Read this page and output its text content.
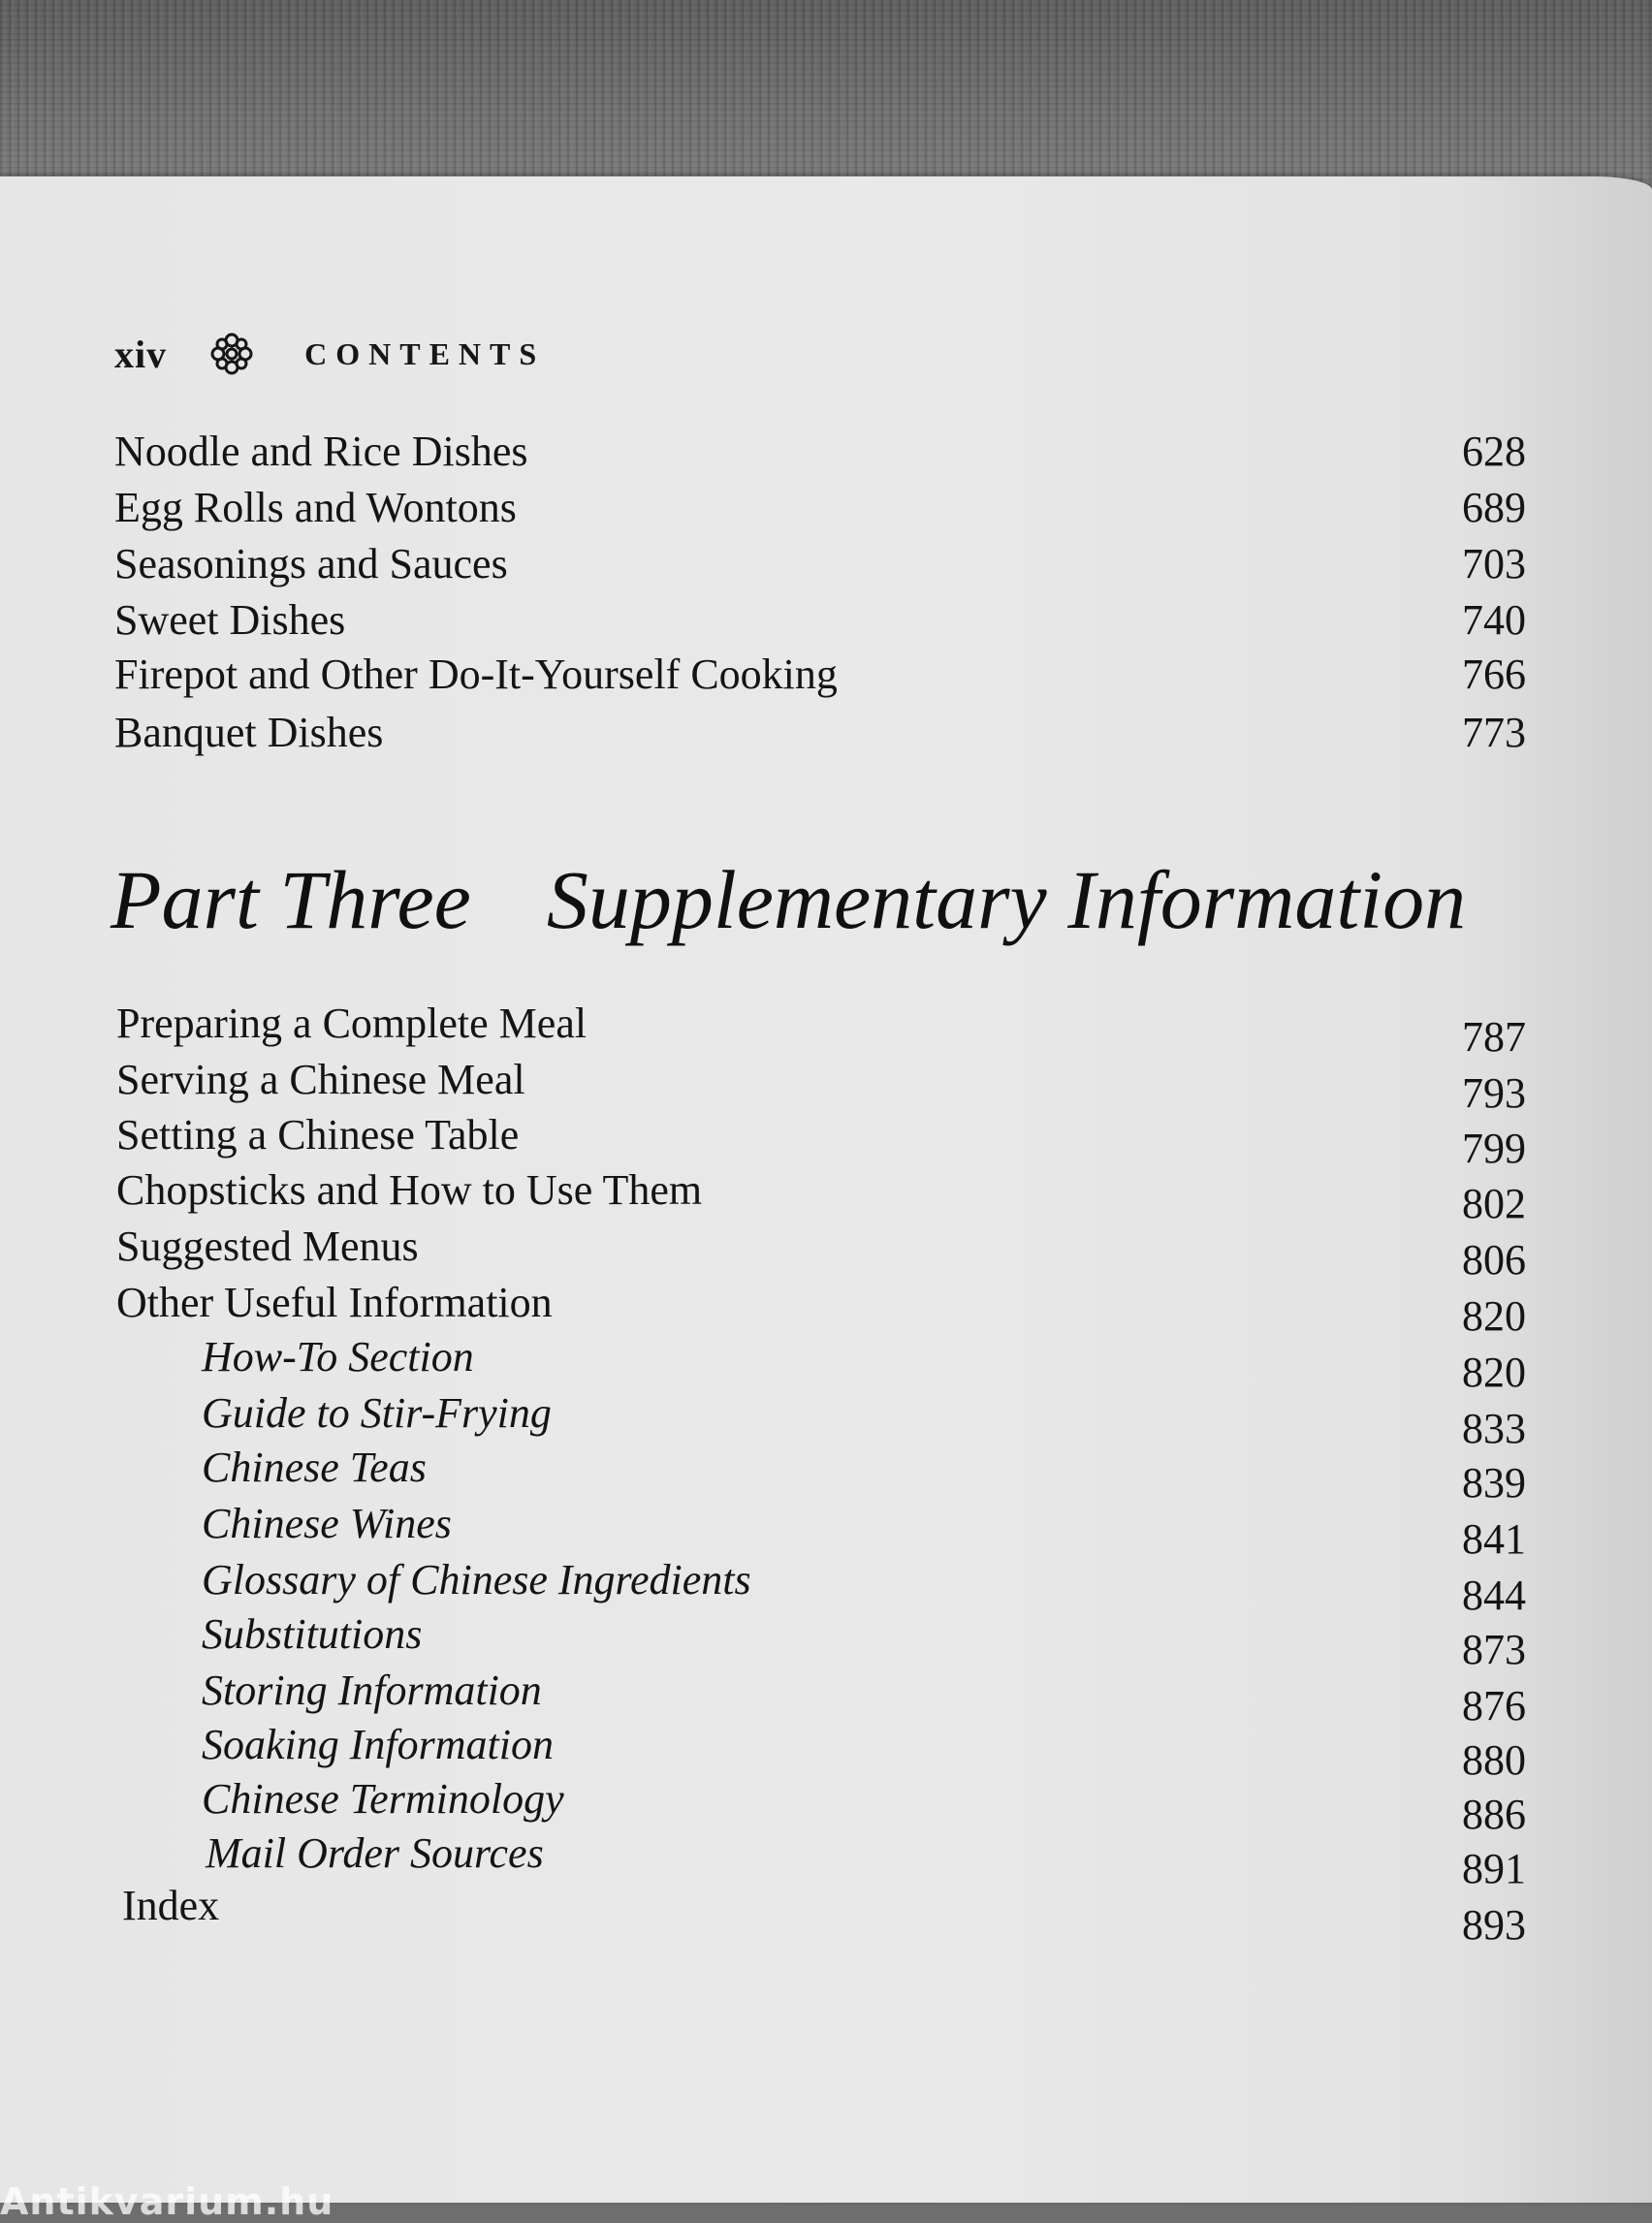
xiv	CONTENTS
Noodle and Rice Dishes	628
Egg Rolls and Wontons	689
Seasonings and Sauces	703
Sweet Dishes	740
Firepot and Other Do-It-Yourself Cooking	766
Banquet Dishes	773
Part Three Supplementary Information
Preparing a Complete Meal	787
Serving a Chinese Meal	793
Setting a Chinese Table	799
Chopsticks and How to Use Them	802
Suggested Menus	806
Other Useful Information	820
How-To Section	820
Guide to Stir-Frying	833
Chinese Teas	839
Chinese Wines	841
Glossary of Chinese Ingredients	844
Substitutions	873
Storing Information	876
Soaking Information	880
Chinese Terminology	886
Mail Order Sources	891
Index	893
Antikvarium.hu
